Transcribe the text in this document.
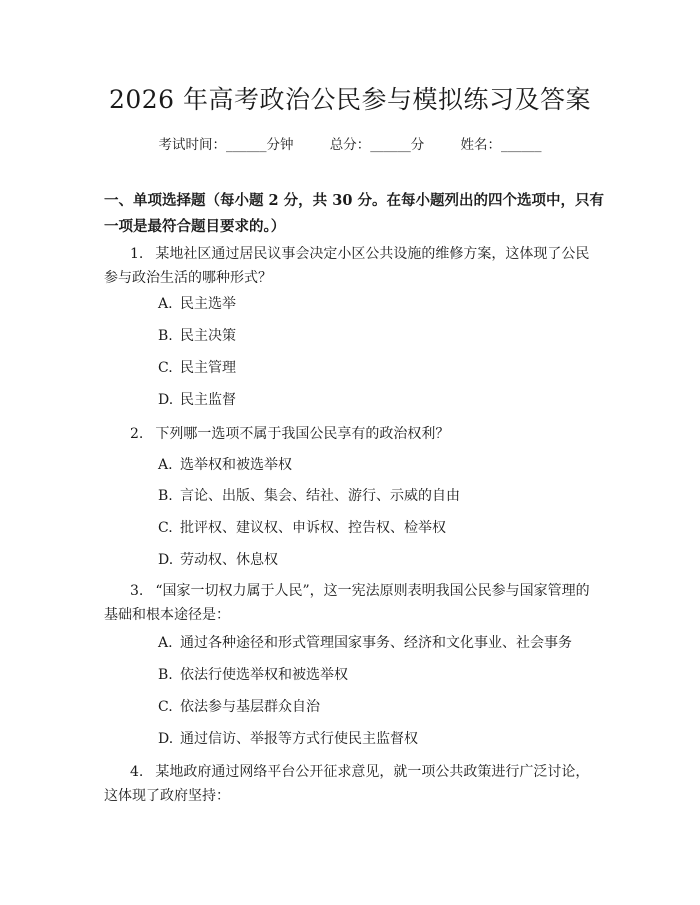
2026 年高考政治公民参与模拟练习及答案
考试时间：______分钟	总分：______分	姓名：______
一、单项选择题（每小题 2 分，共 30 分。在每小题列出的四个选项中，只有一项是最符合题目要求的。）
1. 某地社区通过居民议事会决定小区公共设施的维修方案，这体现了公民参与政治生活的哪种形式？
A. 民主选举
B. 民主决策
C. 民主管理
D. 民主监督
2. 下列哪一选项不属于我国公民享有的政治权利？
A. 选举权和被选举权
B. 言论、出版、集会、结社、游行、示威的自由
C. 批评权、建议权、申诉权、控告权、检举权
D. 劳动权、休息权
3. “国家一切权力属于人民”，这一宪法原则表明我国公民参与国家管理的基础和根本途径是：
A. 通过各种途径和形式管理国家事务、经济和文化事业、社会事务
B. 依法行使选举权和被选举权
C. 依法参与基层群众自治
D. 通过信访、举报等方式行使民主监督权
4. 某地政府通过网络平台公开征求意见，就一项公共政策进行广泛讨论，这体现了政府坚持：
